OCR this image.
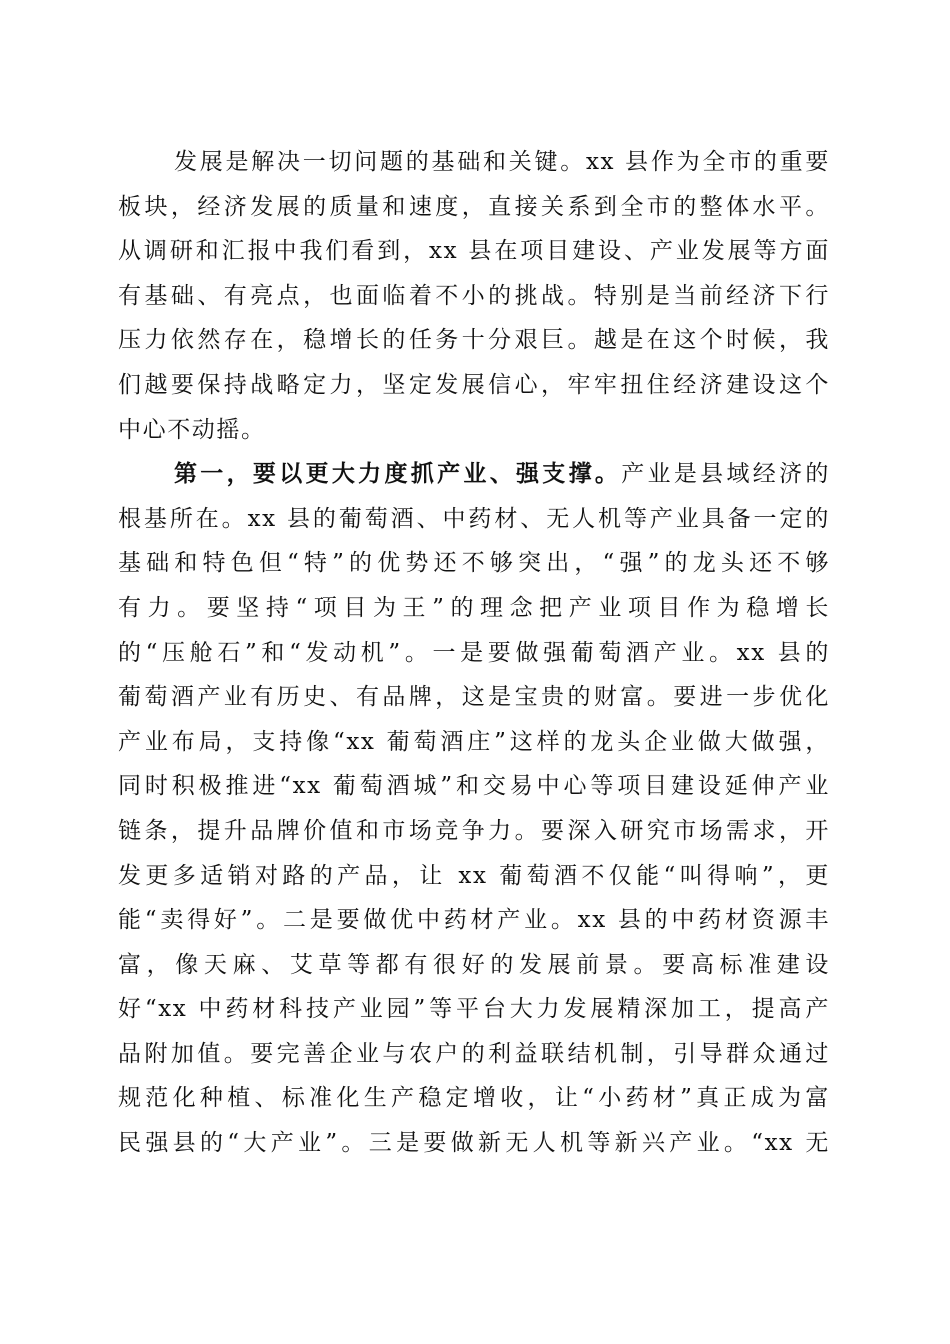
发展是解决一切问题的基础和关键。xx 县作为全市的重要
板块，经济发展的质量和速度，直接关系到全市的整体水平。
从调研和汇报中我们看到，xx 县在项目建设、产业发展等方面
有基础、有亮点，也面临着不小的挑战。特别是当前经济下行
压力依然存在，稳增长的任务十分艰巨。越是在这个时候，我
们越要保持战略定力，坚定发展信心，牢牢扭住经济建设这个
中心不动摇。
第一，要以更大力度抓产业、强支撑。产业是县域经济的
根基所在。xx 县的葡萄酒、中药材、无人机等产业具备一定的
基础和特色但“特”的优势还不够突出，“强”的龙头还不够
有力。要坚持“项目为王”的理念把产业项目作为稳增长
的“压舱石”和“发动机”。一是要做强葡萄酒产业。xx 县的
葡萄酒产业有历史、有品牌，这是宝贵的财富。要进一步优化
产业布局，支持像“xx 葡萄酒庄”这样的龙头企业做大做强，
同时积极推进“xx 葡萄酒城”和交易中心等项目建设延伸产业
链条，提升品牌价值和市场竞争力。要深入研究市场需求，开
发更多适销对路的产品，让 xx 葡萄酒不仅能“叫得响”，更
能“卖得好”。二是要做优中药材产业。xx 县的中药材资源丰
富，像天麻、艾草等都有很好的发展前景。要高标准建设
好“xx 中药材科技产业园”等平台大力发展精深加工，提高产
品附加值。要完善企业与农户的利益联结机制，引导群众通过
规范化种植、标准化生产稳定增收，让“小药材”真正成为富
民强县的“大产业”。三是要做新无人机等新兴产业。“xx 无
